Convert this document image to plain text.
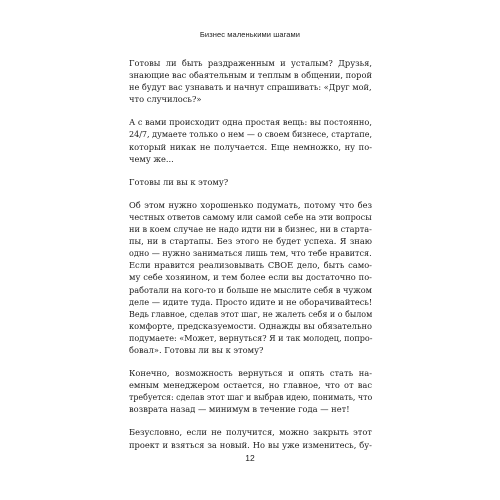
Бизнес маленькими шагами

Готовы ли быть раздраженным и усталым? Друзья,
знающие вас обаятельным и теплым в общении, порой
не будут вас узнавать и начнут спрашивать: «Друг мой,
что случилось?»

А с вами происходит одна простая вещь: вы постоянно,
24/7, думаете только о нем — о своем бизнесе, стартапе,
который никак не получается. Еще немножко, ну по-
чему же...

Готовы ли вы к этому?

Об этом нужно хорошенько подумать, потому что без
честных ответов самому или самой себе на эти вопросы
ни в коем случае не надо идти ни в бизнес, ни в старта-
пы, ни в стартапы. Без этого не будет успеха. Я знаю
одно — нужно заниматься лишь тем, что тебе нравится.
Если нравится реализовывать СВОЕ дело, быть само-
му себе хозяином, и тем более если вы достаточно по-
работали на кого-то и больше не мыслите себя в чужом
деле — идите туда. Просто идите и не оборачивайтесь!
Ведь главное, сделав этот шаг, не жалеть себя и о былом
комфорте, предсказуемости. Однажды вы обязательно
подумаете: «Может, вернуться? Я и так молодец, попро-
бовал». Готовы ли вы к этому?

Конечно, возможность вернуться и опять стать на-
емным менеджером остается, но главное, что от вас
требуется: сделав этот шаг и выбрав идею, понимать, что
возврата назад — минимум в течение года — нет!

Безусловно, если не получится, можно закрыть этот
проект и взяться за новый. Но вы уже изменитесь, бу-

12
